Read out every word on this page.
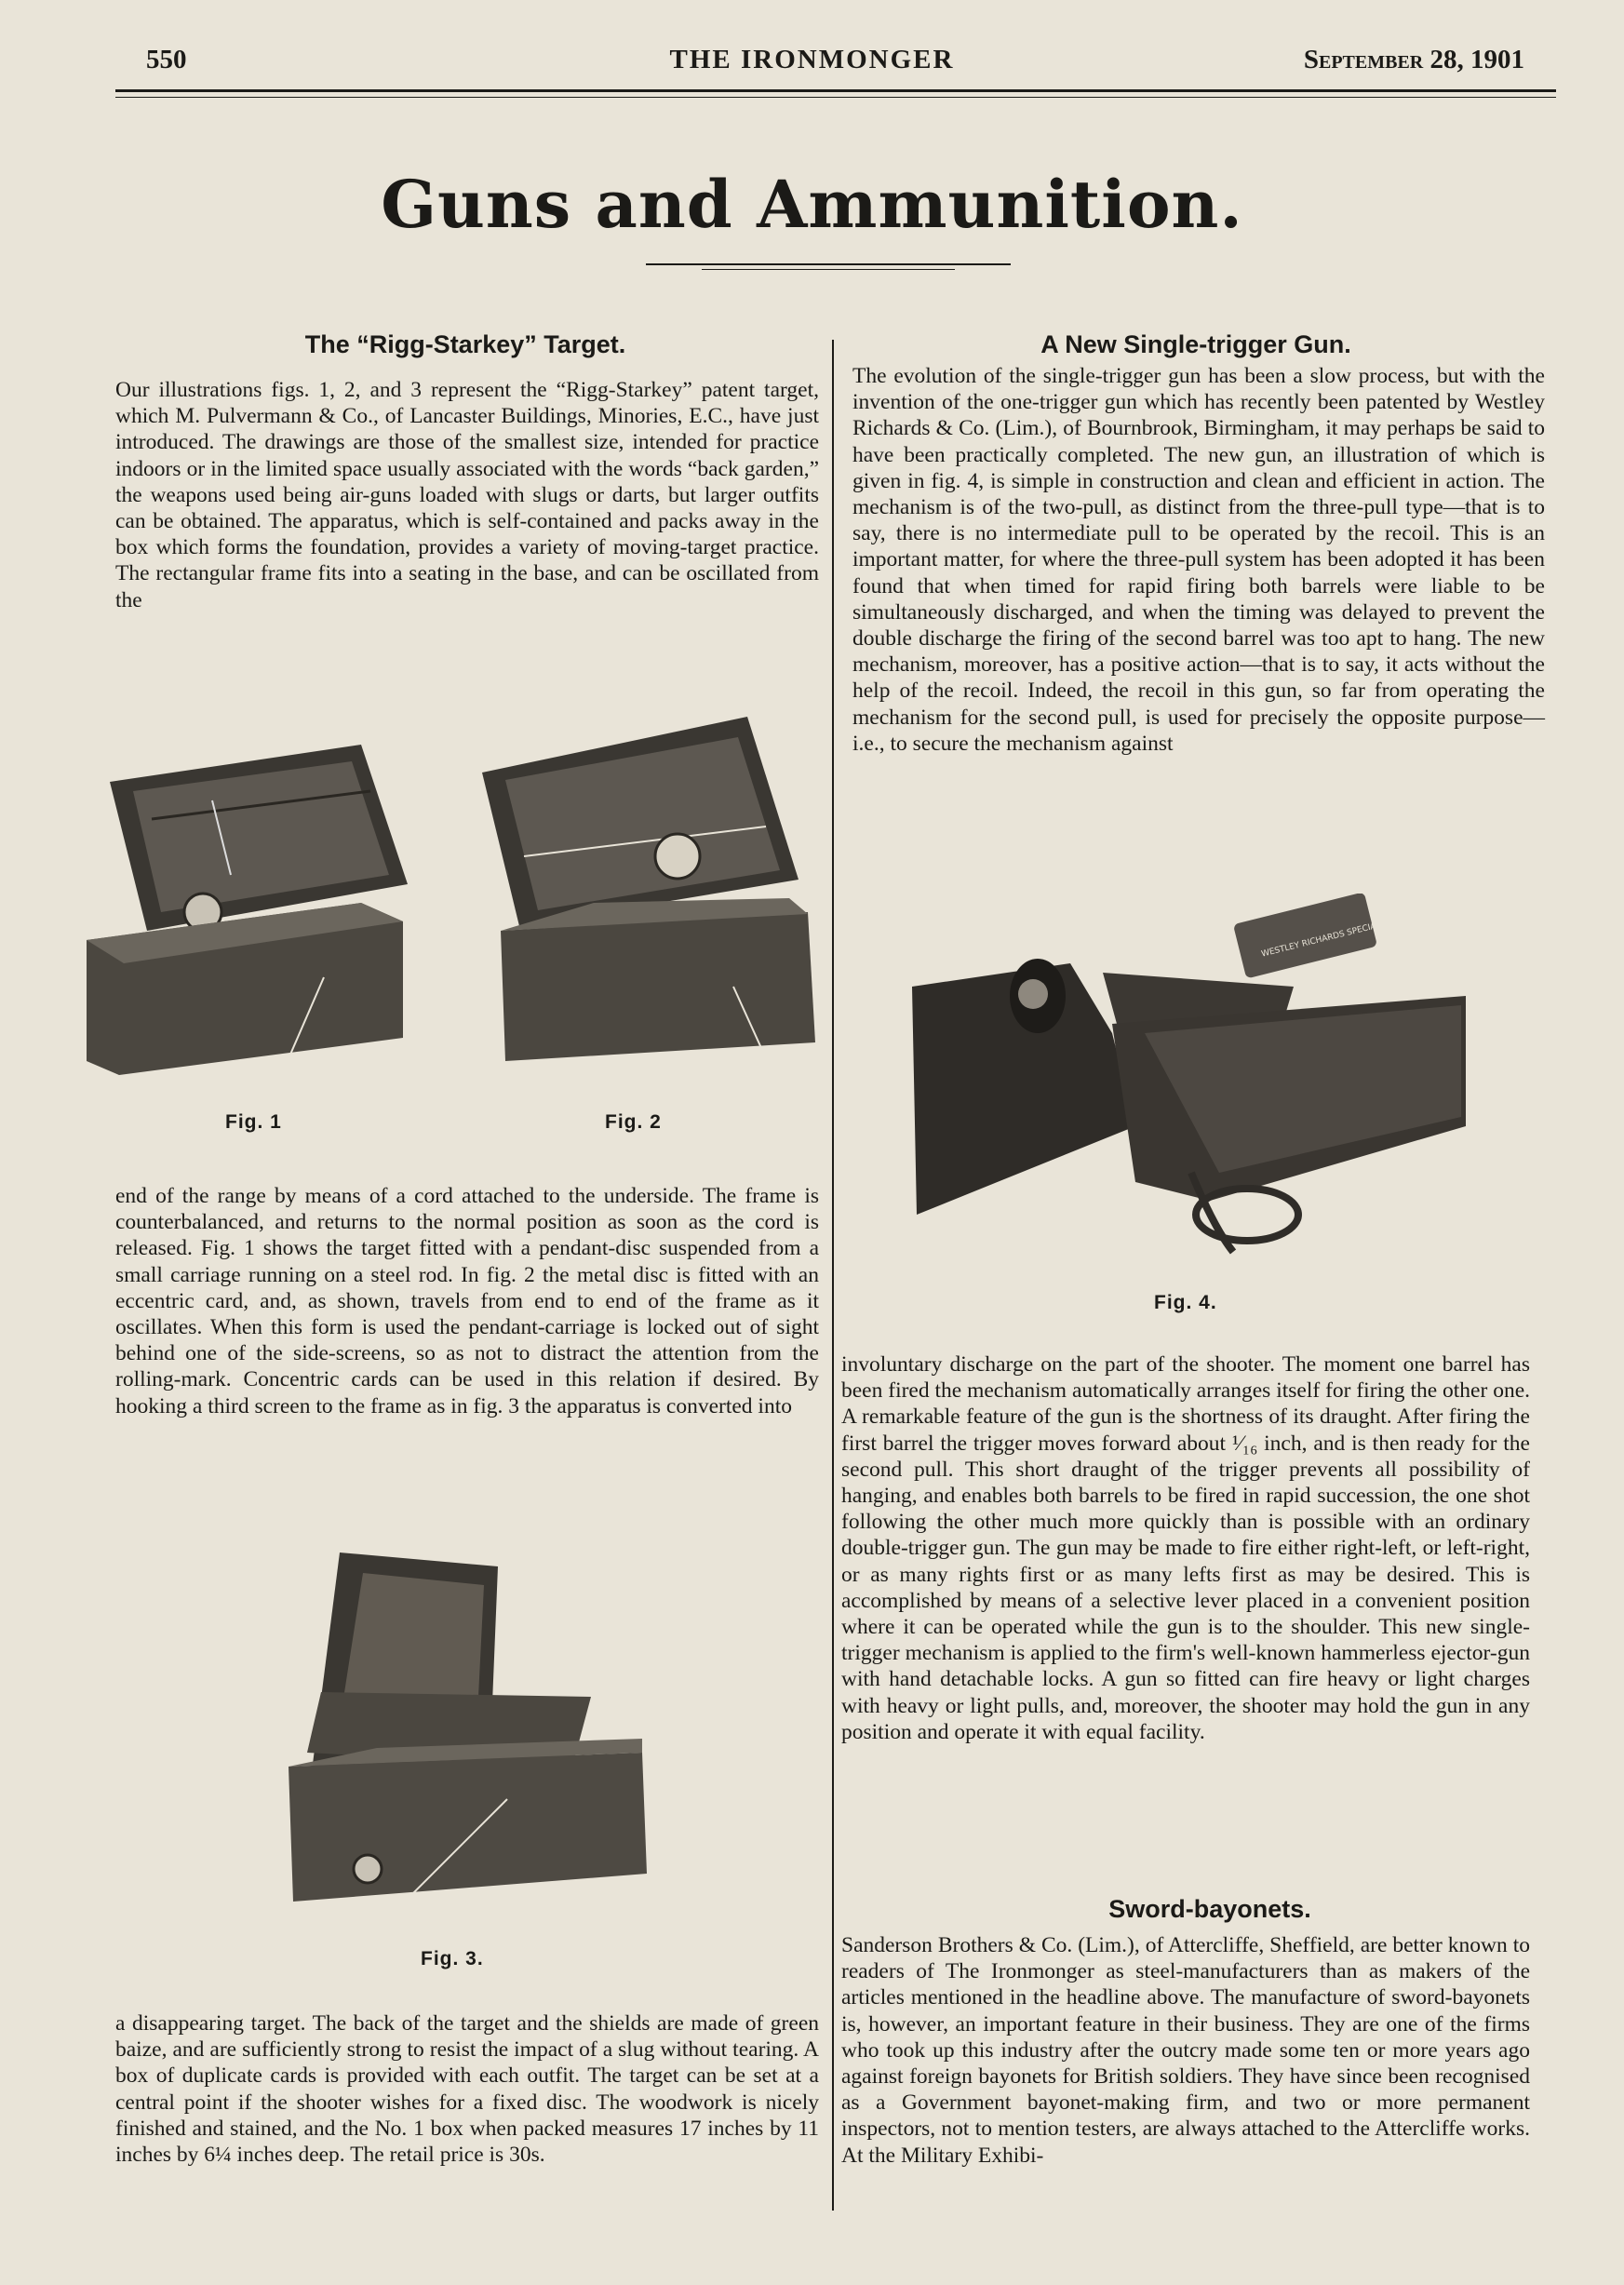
550	THE IRONMONGER	September 28, 1901
Guns and Ammunition.
The “Rigg-Starkey” Target.

Our illustrations figs. 1, 2, and 3 represent the “Rigg-Starkey” patent target, which M. Pulvermann & Co., of Lancaster Buildings, Minories, E.C., have just introduced. The drawings are those of the smallest size, intended for practice indoors or in the limited space usually associated with the words “back garden,” the weapons used being air-guns loaded with slugs or darts, but larger outfits can be obtained. The apparatus, which is self-contained and packs away in the box which forms the foundation, provides a variety of moving-target practice. The rectangular frame fits into a seating in the base, and can be oscillated from the

Fig. 1	Fig. 2

end of the range by means of a cord attached to the underside. The frame is counterbalanced, and returns to the normal position as soon as the cord is released. Fig. 1 shows the target fitted with a pendant-disc suspended from a small carriage running on a steel rod. In fig. 2 the metal disc is fitted with an eccentric card, and, as shown, travels from end to end of the frame as it oscillates. When this form is used the pendant-carriage is locked out of sight behind one of the side-screens, so as not to distract the attention from the rolling-mark. Concentric cards can be used in this relation if desired. By hooking a third screen to the frame as in fig. 3 the apparatus is converted into

Fig. 3.

a disappearing target. The back of the target and the shields are made of green baize, and are sufficiently strong to resist the impact of a slug without tearing. A box of duplicate cards is provided with each outfit. The target can be set at a central point if the shooter wishes for a fixed disc. The woodwork is nicely finished and stained, and the No. 1 box when packed measures 17 inches by 11 inches by 6¼ inches deep. The retail price is 30s.

A New Single-trigger Gun.

The evolution of the single-trigger gun has been a slow process, but with the invention of the one-trigger gun which has recently been patented by Westley Richards & Co. (Lim.), of Bournbrook, Birmingham, it may perhaps be said to have been practically completed. The new gun, an illustration of which is given in fig. 4, is simple in construction and clean and efficient in action. The mechanism is of the two-pull, as distinct from the three-pull type—that is to say, there is no intermediate pull to be operated by the recoil. This is an important matter, for where the three-pull system has been adopted it has been found that when timed for rapid firing both barrels were liable to be simultaneously discharged, and when the timing was delayed to prevent the double discharge the firing of the second barrel was too apt to hang. The new mechanism, moreover, has a positive action—that is to say, it acts without the help of the recoil. Indeed, the recoil in this gun, so far from operating the mechanism for the second pull, is used for precisely the opposite purpose—i.e., to secure the mechanism against

WESTLEY RICHARDS SPECIAL
Fig. 4.

involuntary discharge on the part of the shooter. The moment one barrel has been fired the mechanism automatically arranges itself for firing the other one. A remarkable feature of the gun is the shortness of its draught. After firing the first barrel the trigger moves forward about ¹⁄₁₆ inch, and is then ready for the second pull. This short draught of the trigger prevents all possibility of hanging, and enables both barrels to be fired in rapid succession, the one shot following the other much more quickly than is possible with an ordinary double-trigger gun. The gun may be made to fire either right-left, or left-right, or as many rights first or as many lefts first as may be desired. This is accomplished by means of a selective lever placed in a convenient position where it can be operated while the gun is to the shoulder. This new single-trigger mechanism is applied to the firm's well-known hammerless ejector-gun with hand detachable locks. A gun so fitted can fire heavy or light charges with heavy or light pulls, and, moreover, the shooter may hold the gun in any position and operate it with equal facility.

Sword-bayonets.

Sanderson Brothers & Co. (Lim.), of Attercliffe, Sheffield, are better known to readers of The Ironmonger as steel-manufacturers than as makers of the articles mentioned in the headline above. The manufacture of sword-bayonets is, however, an important feature in their business. They are one of the firms who took up this industry after the outcry made some ten or more years ago against foreign bayonets for British soldiers. They have since been recognised as a Government bayonet-making firm, and two or more permanent inspectors, not to mention testers, are always attached to the Attercliffe works. At the Military Exhibi-
